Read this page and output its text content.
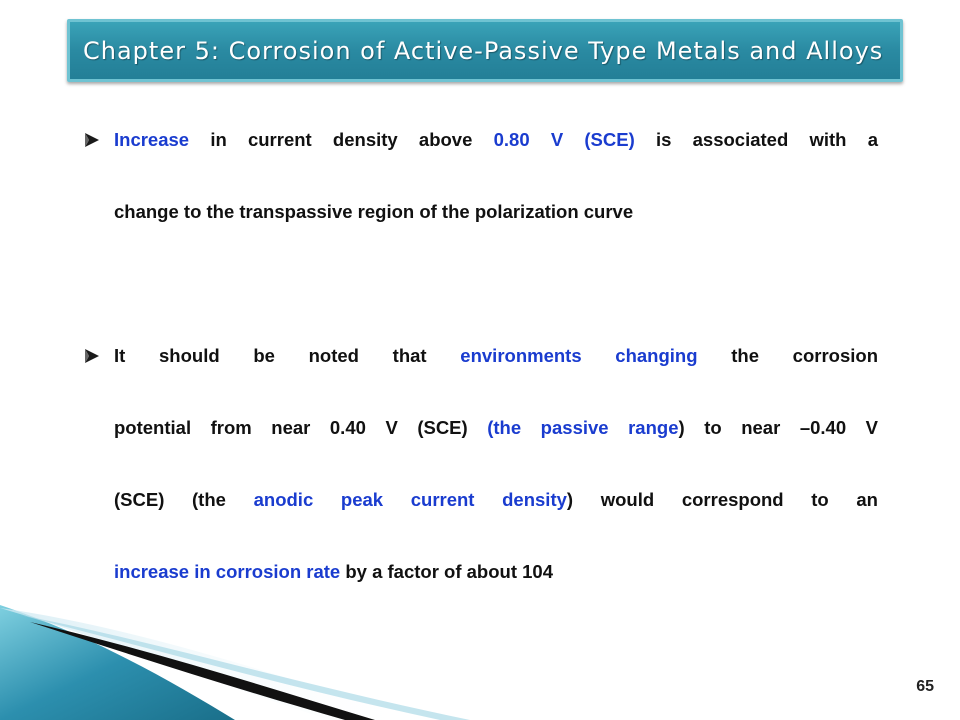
Chapter 5: Corrosion of Active-Passive Type Metals and Alloys
Increase in current density above 0.80 V (SCE) is associated with a
change to the transpassive region of the polarization curve
It should be noted that environments changing the corrosion
potential from near 0.40 V (SCE) (the passive range) to near –0.40 V
(SCE) (the anodic peak current density) would correspond to an
increase in corrosion rate by a factor of about 104
65
